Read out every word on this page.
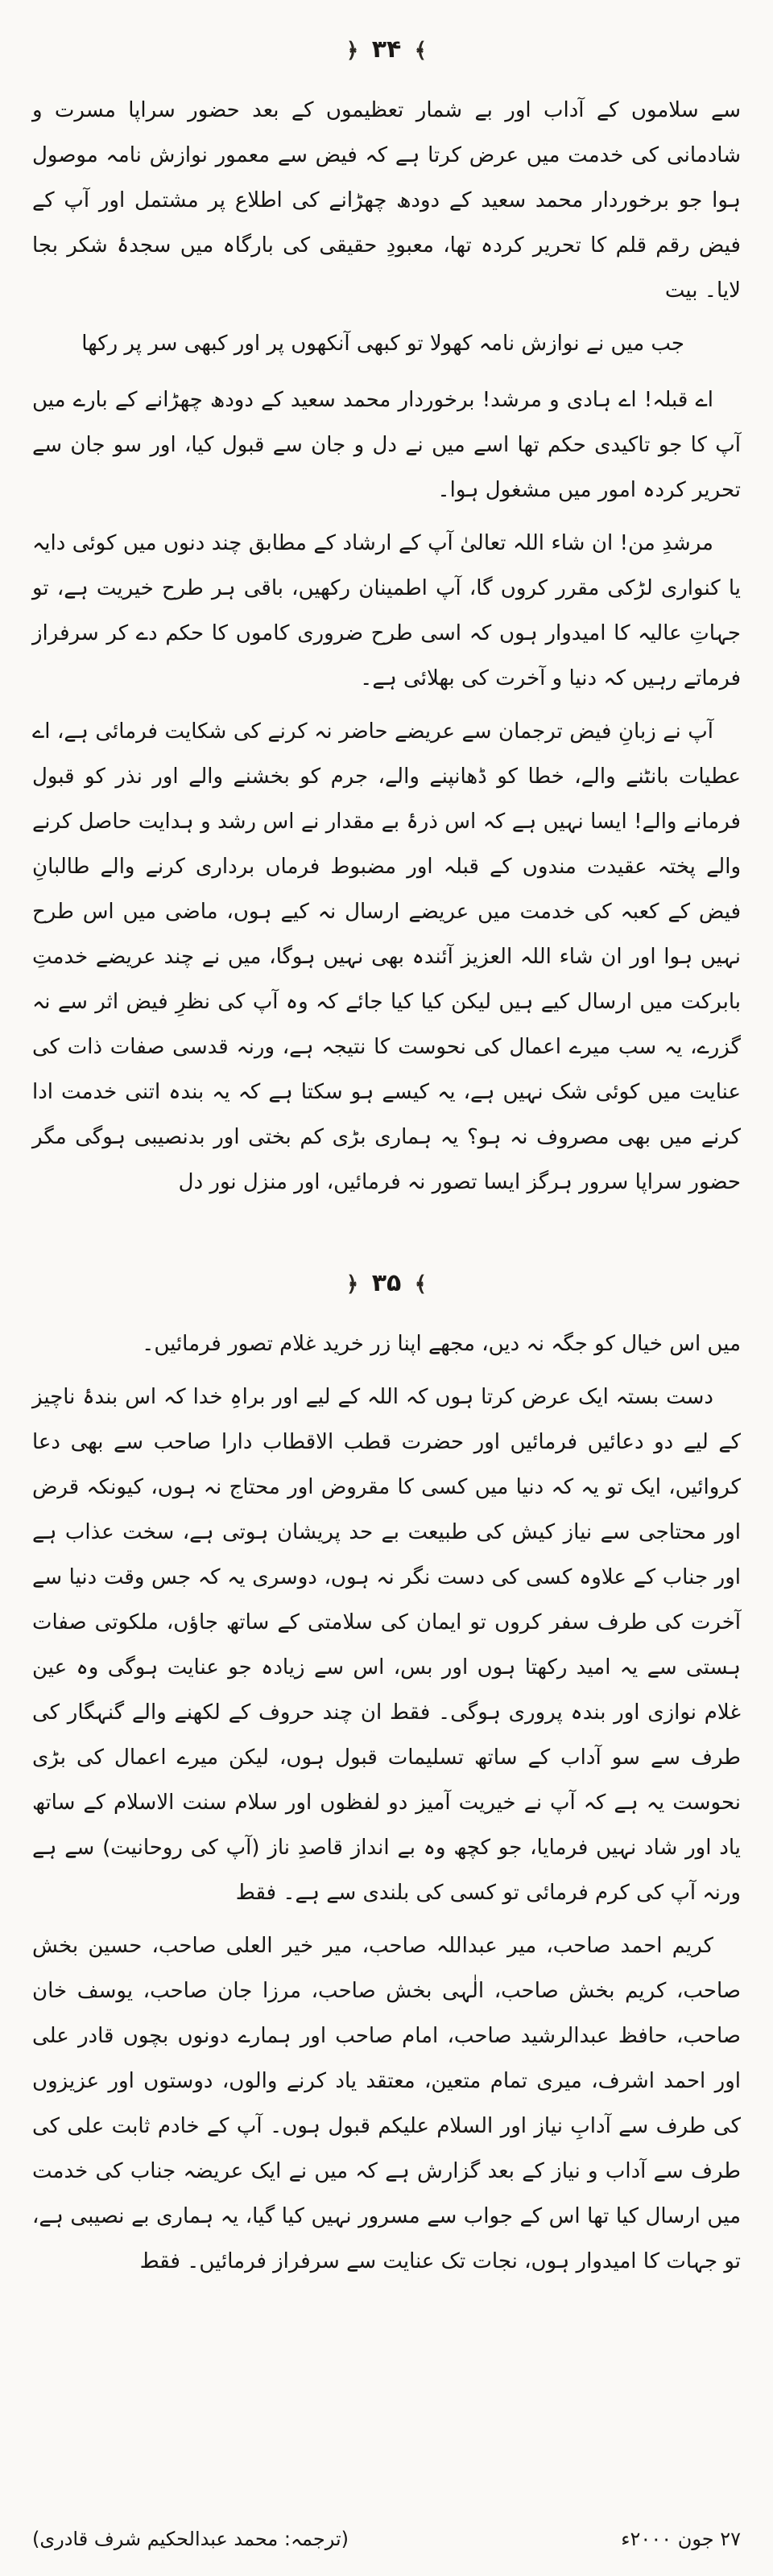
﴾ ۳۴ ﴿

سے سلاموں کے آداب اور بے شمار تعظیموں کے بعد حضور سراپا مسرت و شادمانی کی خدمت میں عرض کرتا ہے کہ فیض سے معمور نوازش نامہ موصول ہوا جو برخوردار محمد سعید کے دودھ چھڑانے کی اطلاع پر مشتمل اور آپ کے فیض رقم قلم کا تحریر کردہ تھا، معبودِ حقیقی کی بارگاہ میں سجدۂ شکر بجا لایا۔ بیت

جب میں نے نوازش نامہ کھولا تو کبھی آنکھوں پر اور کبھی سر پر رکھا

اے قبلہ! اے ہادی و مرشد! برخوردار محمد سعید کے دودھ چھڑانے کے بارے میں آپ کا جو تاکیدی حکم تھا اسے میں نے دل و جان سے قبول کیا، اور سو جان سے تحریر کردہ امور میں مشغول ہوا۔

مرشدِ من! ان شاء اللہ تعالیٰ آپ کے ارشاد کے مطابق چند دنوں میں کوئی دایہ یا کنواری لڑکی مقرر کروں گا، آپ اطمینان رکھیں، باقی ہر طرح خیریت ہے، تو جہاتِ عالیہ کا امیدوار ہوں کہ اسی طرح ضروری کاموں کا حکم دے کر سرفراز فرماتے رہیں کہ دنیا و آخرت کی بھلائی ہے۔

آپ نے زبانِ فیض ترجمان سے عریضے حاضر نہ کرنے کی شکایت فرمائی ہے، اے عطیات بانٹنے والے، خطا کو ڈھانپنے والے، جرم کو بخشنے والے اور نذر کو قبول فرمانے والے! ایسا نہیں ہے کہ اس ذرۂ بے مقدار نے اس رشد و ہدایت حاصل کرنے والے پختہ عقیدت مندوں کے قبلہ اور مضبوط فرماں برداری کرنے والے طالبانِ فیض کے کعبہ کی خدمت میں عریضے ارسال نہ کیے ہوں، ماضی میں اس طرح نہیں ہوا اور ان شاء اللہ العزیز آئندہ بھی نہیں ہوگا، میں نے چند عریضے خدمتِ بابرکت میں ارسال کیے ہیں لیکن کیا کیا جائے کہ وہ آپ کی نظرِ فیض اثر سے نہ گزرے، یہ سب میرے اعمال کی نحوست کا نتیجہ ہے، ورنہ قدسی صفات ذات کی عنایت میں کوئی شک نہیں ہے، یہ کیسے ہو سکتا ہے کہ یہ بندہ اتنی خدمت ادا کرنے میں بھی مصروف نہ ہو؟ یہ ہماری بڑی کم بختی اور بدنصیبی ہوگی مگر حضور سراپا سرور ہرگز ایسا تصور نہ فرمائیں، اور منزل نور دل

﴾ ۳۵ ﴿

میں اس خیال کو جگہ نہ دیں، مجھے اپنا زر خرید غلام تصور فرمائیں۔

دست بستہ ایک عرض کرتا ہوں کہ اللہ کے لیے اور براہِ خدا کہ اس بندۂ ناچیز کے لیے دو دعائیں فرمائیں اور حضرت قطب الاقطاب دارا صاحب سے بھی دعا کروائیں، ایک تو یہ کہ دنیا میں کسی کا مقروض اور محتاج نہ ہوں، کیونکہ قرض اور محتاجی سے نیاز کیش کی طبیعت بے حد پریشان ہوتی ہے، سخت عذاب ہے اور جناب کے علاوہ کسی کی دست نگر نہ ہوں، دوسری یہ کہ جس وقت دنیا سے آخرت کی طرف سفر کروں تو ایمان کی سلامتی کے ساتھ جاؤں، ملکوتی صفات ہستی سے یہ امید رکھتا ہوں اور بس، اس سے زیادہ جو عنایت ہوگی وہ عین غلام نوازی اور بندہ پروری ہوگی۔ فقط ان چند حروف کے لکھنے والے گنہگار کی طرف سے سو آداب کے ساتھ تسلیمات قبول ہوں، لیکن میرے اعمال کی بڑی نحوست یہ ہے کہ آپ نے خیریت آمیز دو لفظوں اور سلام سنت الاسلام کے ساتھ یاد اور شاد نہیں فرمایا، جو کچھ وہ بے انداز قاصدِ ناز (آپ کی روحانیت) سے ہے ورنہ آپ کی کرم فرمائی تو کسی کی بلندی سے ہے۔ فقط

کریم احمد صاحب، میر عبداللہ صاحب، میر خیر العلی صاحب، حسین بخش صاحب، کریم بخش صاحب، الٰہی بخش صاحب، مرزا جان صاحب، یوسف خان صاحب، حافظ عبدالرشید صاحب، امام صاحب اور ہمارے دونوں بچوں قادر علی اور احمد اشرف، میری تمام متعین، معتقد یاد کرنے والوں، دوستوں اور عزیزوں کی طرف سے آدابِ نیاز اور السلام علیکم قبول ہوں۔ آپ کے خادم ثابت علی کی طرف سے آداب و نیاز کے بعد گزارش ہے کہ میں نے ایک عریضہ جناب کی خدمت میں ارسال کیا تھا اس کے جواب سے مسرور نہیں کیا گیا، یہ ہماری بے نصیبی ہے، تو جہات کا امیدوار ہوں، نجات تک عنایت سے سرفراز فرمائیں۔ فقط

۲۷ جون ۲۰۰۰ء
(ترجمہ: محمد عبدالحکیم شرف قادری)
